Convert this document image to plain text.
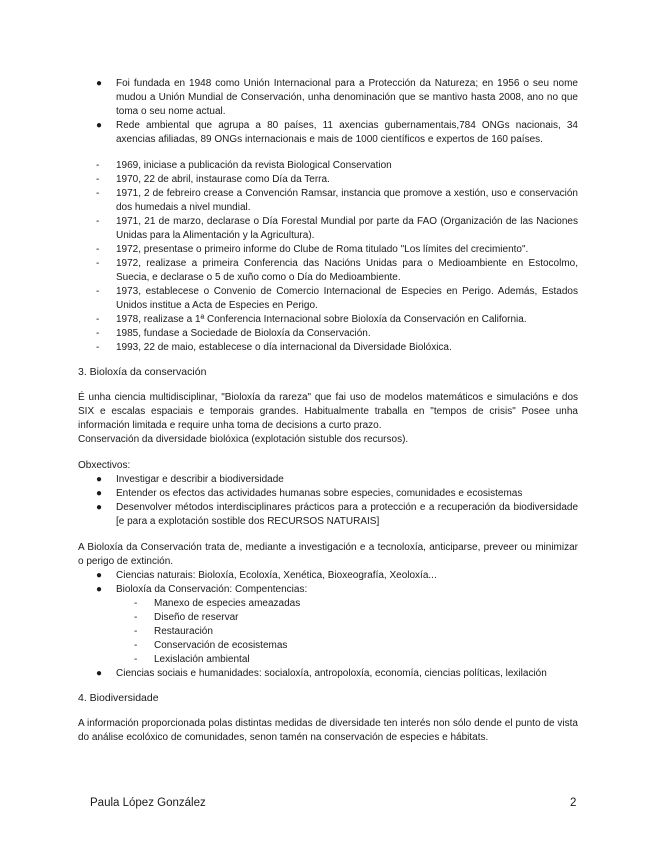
● Foi fundada en 1948 como Unión Internacional para a Protección da Natureza; en 1956 o seu nome mudou a Unión Mundial de Conservación, unha denominación que se mantivo hasta 2008, ano no que toma o seu nome actual.
● Rede ambiental que agrupa a 80 países, 11 axencias gubernamentais,784 ONGs nacionais, 34 axencias afiliadas, 89 ONGs internacionais e mais de 1000 científicos e expertos de 160 países.
- 1969, iniciase a publicación da revista Biological Conservation
- 1970, 22 de abril, instaurase como Día da Terra.
- 1971, 2 de febreiro crease a Convención Ramsar, instancia que promove a xestión, uso e conservación dos humedais a nivel mundial.
- 1971, 21 de marzo, declarase o Día Forestal Mundial por parte da FAO (Organización de las Naciones Unidas para la Alimentación y la Agricultura).
- 1972, presentase o primeiro informe do Clube de Roma titulado "Los límites del crecimiento".
- 1972, realizase a primeira Conferencia das Nacións Unidas para o Medioambiente en Estocolmo, Suecia, e declarase o 5 de xuño como o Día do Medioambiente.
- 1973, establecese o Convenio de Comercio Internacional de Especies en Perigo. Además, Estados Unidos instituе a Acta de Especies en Perigo.
- 1978, realizase a 1ª Conferencia Internacional sobre Bioloxía da Conservación en California.
- 1985, fundase a Sociedade de Bioloxía da Conservación.
- 1993, 22 de maio, establecese o día internacional da Diversidade Biolóxica.

3. Bioloxía da conservación

É unha ciencia multidisciplinar, "Bioloxía da rareza" que fai uso de modelos matemáticos e simulacións e dos SIX e escalas espaciais e temporais grandes. Habitualmente traballa en "tempos de crisis" Posee unha información limitada e require unha toma de decisions a curto prazo.

Conservación da diversidade biolóxica (explotación sistuble dos recursos).

Obxectivos:

● Investigar e describir a biodiversidade
● Entender os efectos das actividades humanas sobre especies, comunidades e ecosistemas
● Desenvolver métodos interdisciplinares prácticos para a protección e a recuperación da biodiversidade [e para a explotación sostible dos RECURSOS NATURAIS]

A Bioloxía da Conservación trata de, mediante a investigación e a tecnoloxía, anticiparse, preveer ou minimizar o perigo de extinción.

● Ciencias naturais: Bioloxía, Ecoloxía, Xenética, Bioxeografía, Xeoloxía...
● Bioloxía da Conservación: Compentencias:
- Manexo de especies ameazadas
- Diseño de reservar
- Restauración
- Conservación de ecosistemas
- Lexislación ambiental
● Ciencias sociais e humanidades: socialoxía, antropoloxía, economía, ciencias políticas, lexilación

4. Biodiversidade

A información proporcionada polas distintas medidas de diversidade ten interés non sólo dende el punto de vista do análise ecolóxico de comunidades, senon tamén na conservación de especies e hábitats.

Paula López González	2
